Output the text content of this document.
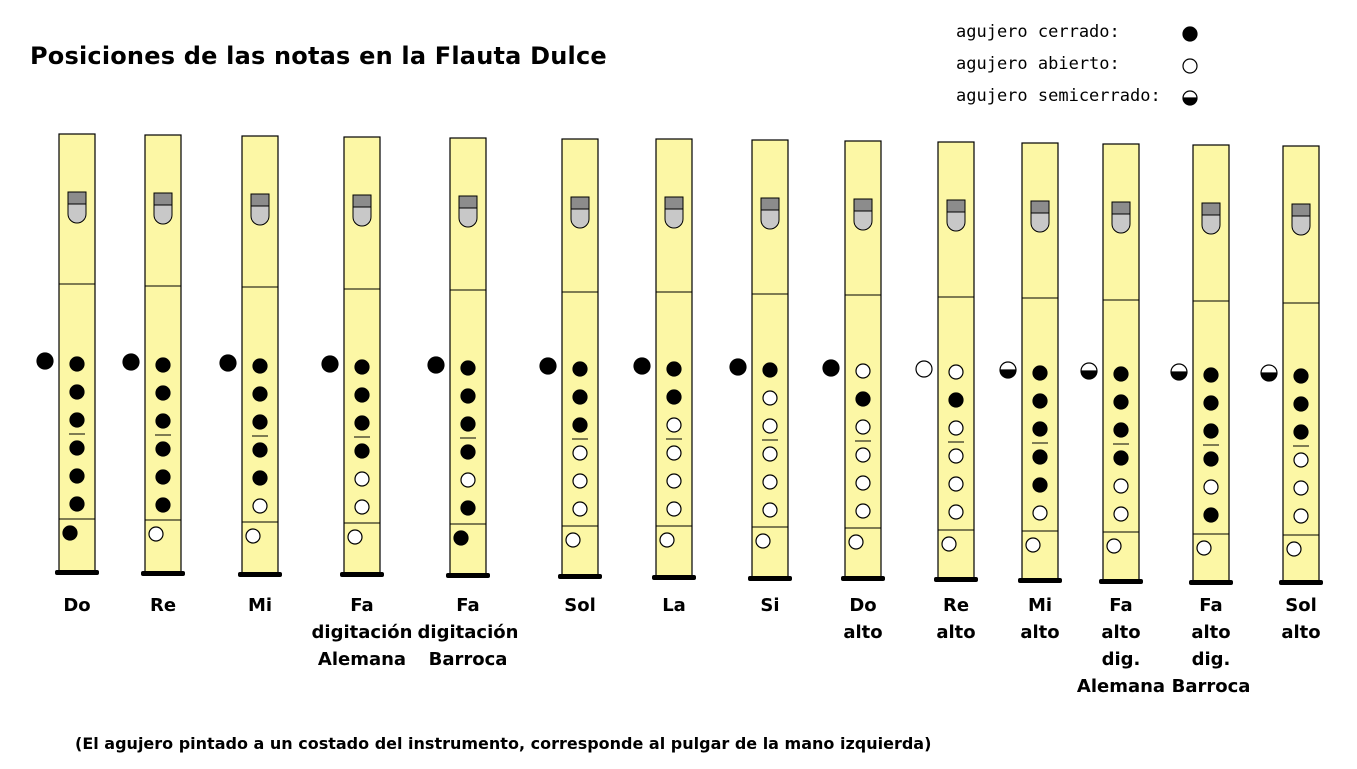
Posiciones de las notas en la Flauta Dulce
agujero cerrado:
agujero abierto:
agujero semicerrado:
Do	Re	Mi	Fa
digitación
Alemana
Fa
digitación
Barroca
Sol	La	Si	Do
alto
Re
alto
Mi
alto
Fa
alto
dig.
Alemana
Fa
alto
dig.
Barroca
Sol
alto

(El agujero pintado a un costado del instrumento, corresponde al pulgar de la mano izquierda)
